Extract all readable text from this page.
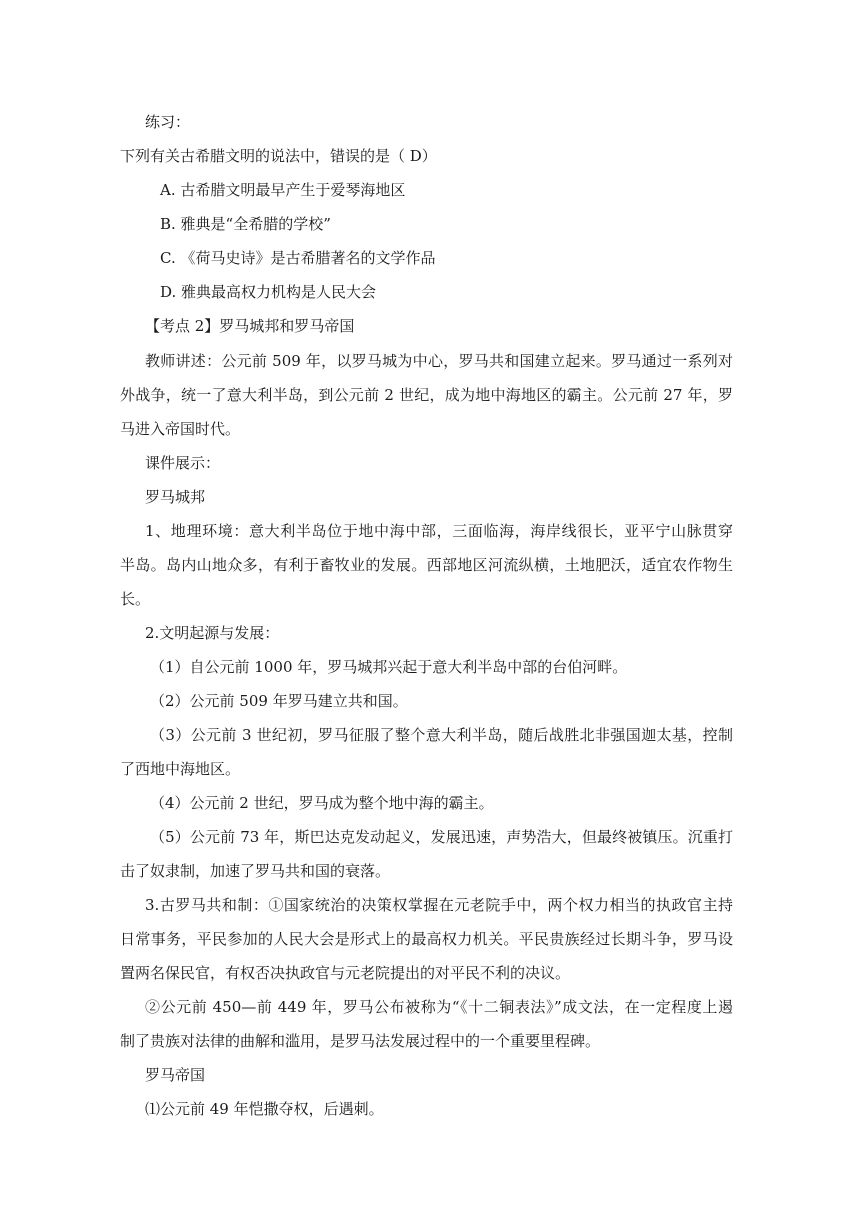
练习：
下列有关古希腊文明的说法中，错误的是（ D）
A. 古希腊文明最早产生于爱琴海地区
B. 雅典是“全希腊的学校”
C. 《荷马史诗》是古希腊著名的文学作品
D. 雅典最高权力机构是人民大会
【考点 2】罗马城邦和罗马帝国
教师讲述：公元前 509 年，以罗马城为中心，罗马共和国建立起来。罗马通过一系列对
外战争，统一了意大利半岛，到公元前 2 世纪，成为地中海地区的霸主。公元前 27 年，罗
马进入帝国时代。
课件展示：
罗马城邦
1、地理环境：意大利半岛位于地中海中部，三面临海，海岸线很长，亚平宁山脉贯穿
半岛。岛内山地众多，有利于畜牧业的发展。西部地区河流纵横，土地肥沃，适宜农作物生
长。
2.文明起源与发展：
（1）自公元前 1000 年，罗马城邦兴起于意大利半岛中部的台伯河畔。
（2）公元前 509 年罗马建立共和国。
（3）公元前 3 世纪初，罗马征服了整个意大利半岛，随后战胜北非强国迦太基，控制
了西地中海地区。
（4）公元前 2 世纪，罗马成为整个地中海的霸主。
（5）公元前 73 年，斯巴达克发动起义，发展迅速，声势浩大，但最终被镇压。沉重打
击了奴隶制，加速了罗马共和国的衰落。
3.古罗马共和制：①国家统治的决策权掌握在元老院手中，两个权力相当的执政官主持
日常事务，平民参加的人民大会是形式上的最高权力机关。平民贵族经过长期斗争，罗马设
置两名保民官，有权否决执政官与元老院提出的对平民不利的决议。
②公元前 450—前 449 年，罗马公布被称为“《十二铜表法》”成文法，在一定程度上遏
制了贵族对法律的曲解和滥用，是罗马法发展过程中的一个重要里程碑。
罗马帝国
⑴公元前 49 年恺撒夺权，后遇刺。
